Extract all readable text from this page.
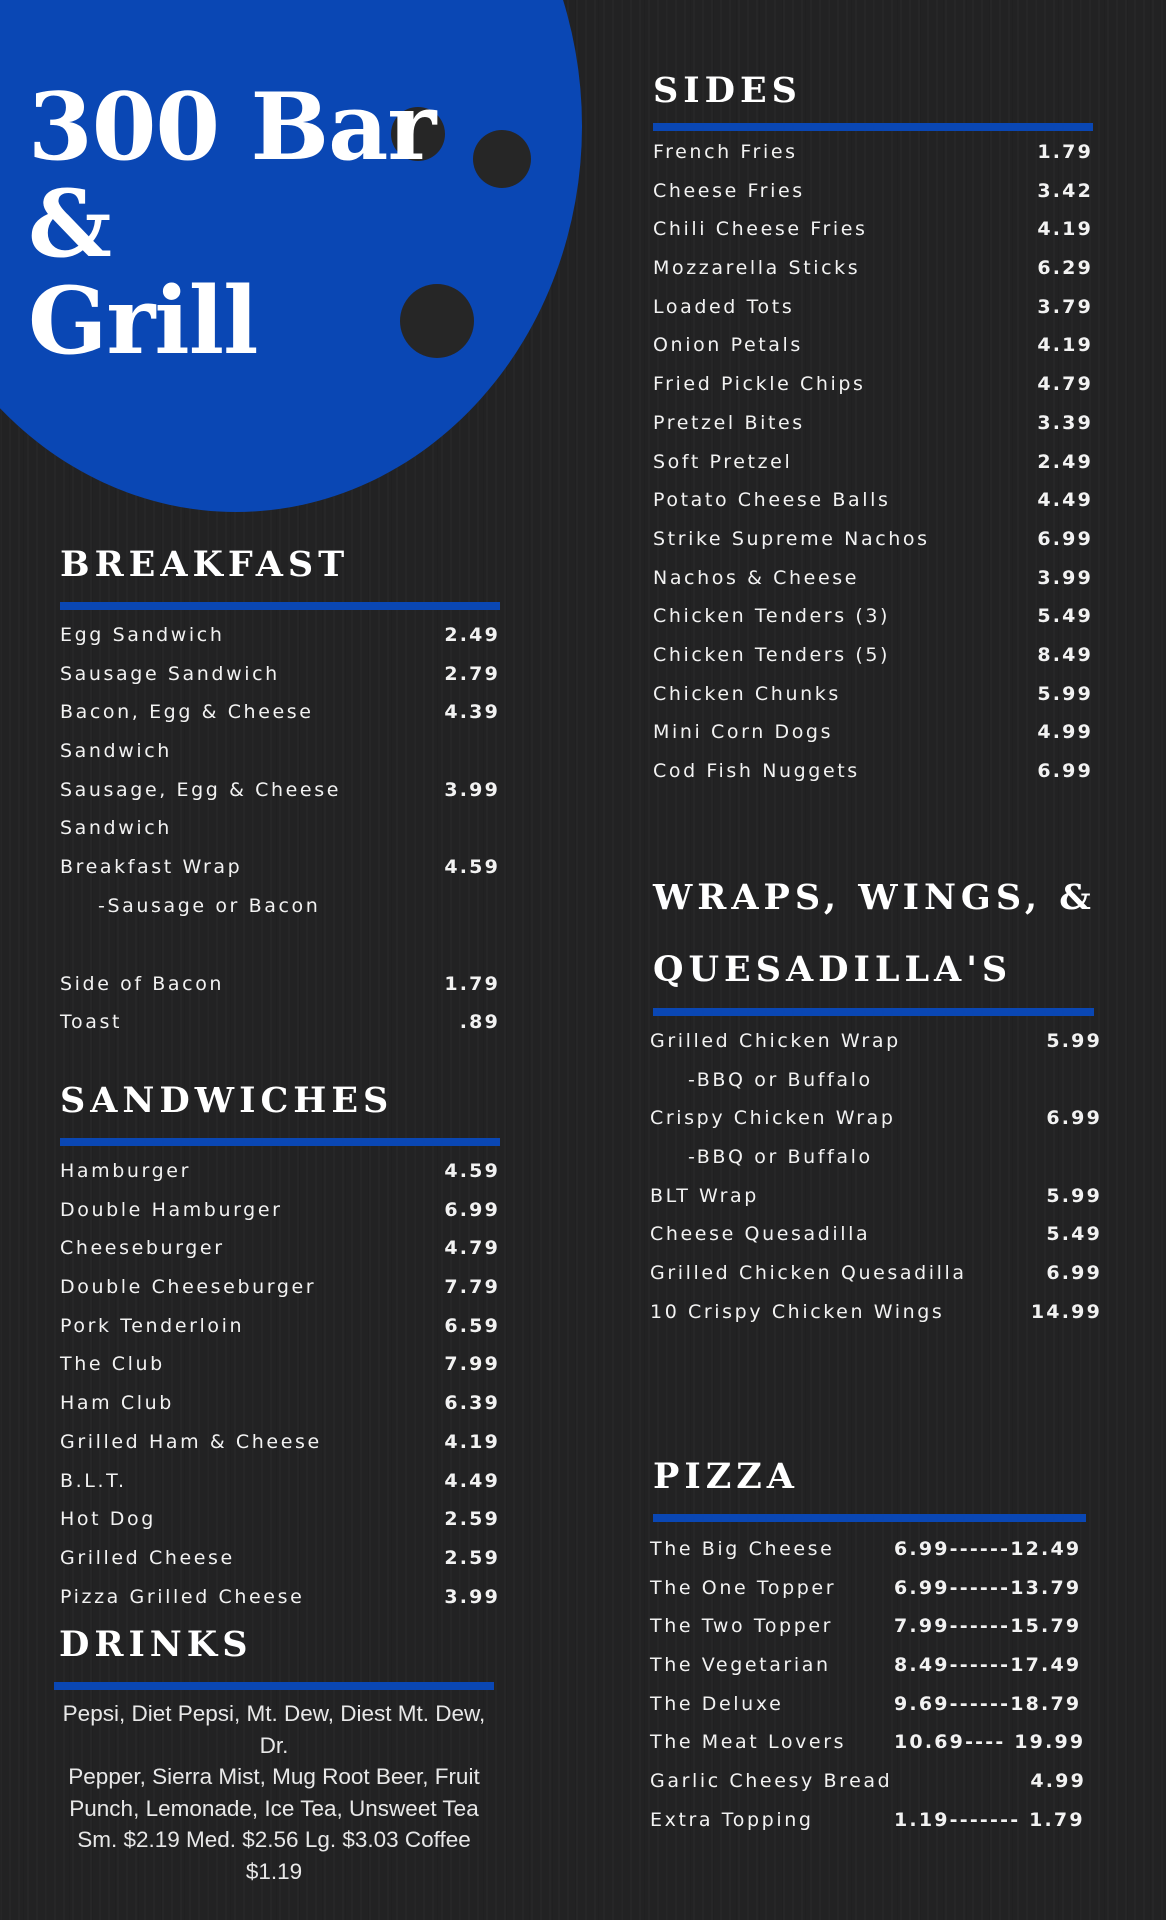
300 Bar
&
Grill
BREAKFAST
Egg Sandwich	2.49
Sausage Sandwich	2.79
Bacon, Egg & Cheese	4.39
Sandwich
Sausage, Egg & Cheese	3.99
Sandwich
Breakfast Wrap	4.59
-Sausage or Bacon
Side of Bacon	1.79
Toast	.89
SANDWICHES
Hamburger	4.59
Double Hamburger	6.99
Cheeseburger	4.79
Double Cheeseburger	7.79
Pork Tenderloin	6.59
The Club	7.99
Ham Club	6.39
Grilled Ham & Cheese	4.19
B.L.T.	4.49
Hot Dog	2.59
Grilled Cheese	2.59
Pizza Grilled Cheese	3.99
DRINKS
Pepsi, Diet Pepsi, Mt. Dew, Diest Mt. Dew, Dr.
Pepper, Sierra Mist, Mug Root Beer, Fruit
Punch, Lemonade, Ice Tea, Unsweet Tea
Sm. $2.19 Med. $2.56 Lg. $3.03 Coffee $1.19
SIDES
French Fries	1.79
Cheese Fries	3.42
Chili Cheese Fries	4.19
Mozzarella Sticks	6.29
Loaded Tots	3.79
Onion Petals	4.19
Fried Pickle Chips	4.79
Pretzel Bites	3.39
Soft Pretzel	2.49
Potato Cheese Balls	4.49
Strike Supreme Nachos	6.99
Nachos & Cheese	3.99
Chicken Tenders (3)	5.49
Chicken Tenders (5)	8.49
Chicken Chunks	5.99
Mini Corn Dogs	4.99
Cod Fish Nuggets	6.99
WRAPS, WINGS, &
QUESADILLA'S
Grilled Chicken Wrap	5.99
-BBQ or Buffalo
Crispy Chicken Wrap	6.99
-BBQ or Buffalo
BLT Wrap	5.99
Cheese Quesadilla	5.49
Grilled Chicken Quesadilla	6.99
10 Crispy Chicken Wings	14.99
PIZZA
The Big Cheese	6.99------12.49
The One Topper	6.99------13.79
The Two Topper	7.99------15.79
The Vegetarian	8.49------17.49
The Deluxe	9.69------18.79
The Meat Lovers	10.69---- 19.99
Garlic Cheesy Bread	4.99
Extra Topping	1.19------- 1.79
